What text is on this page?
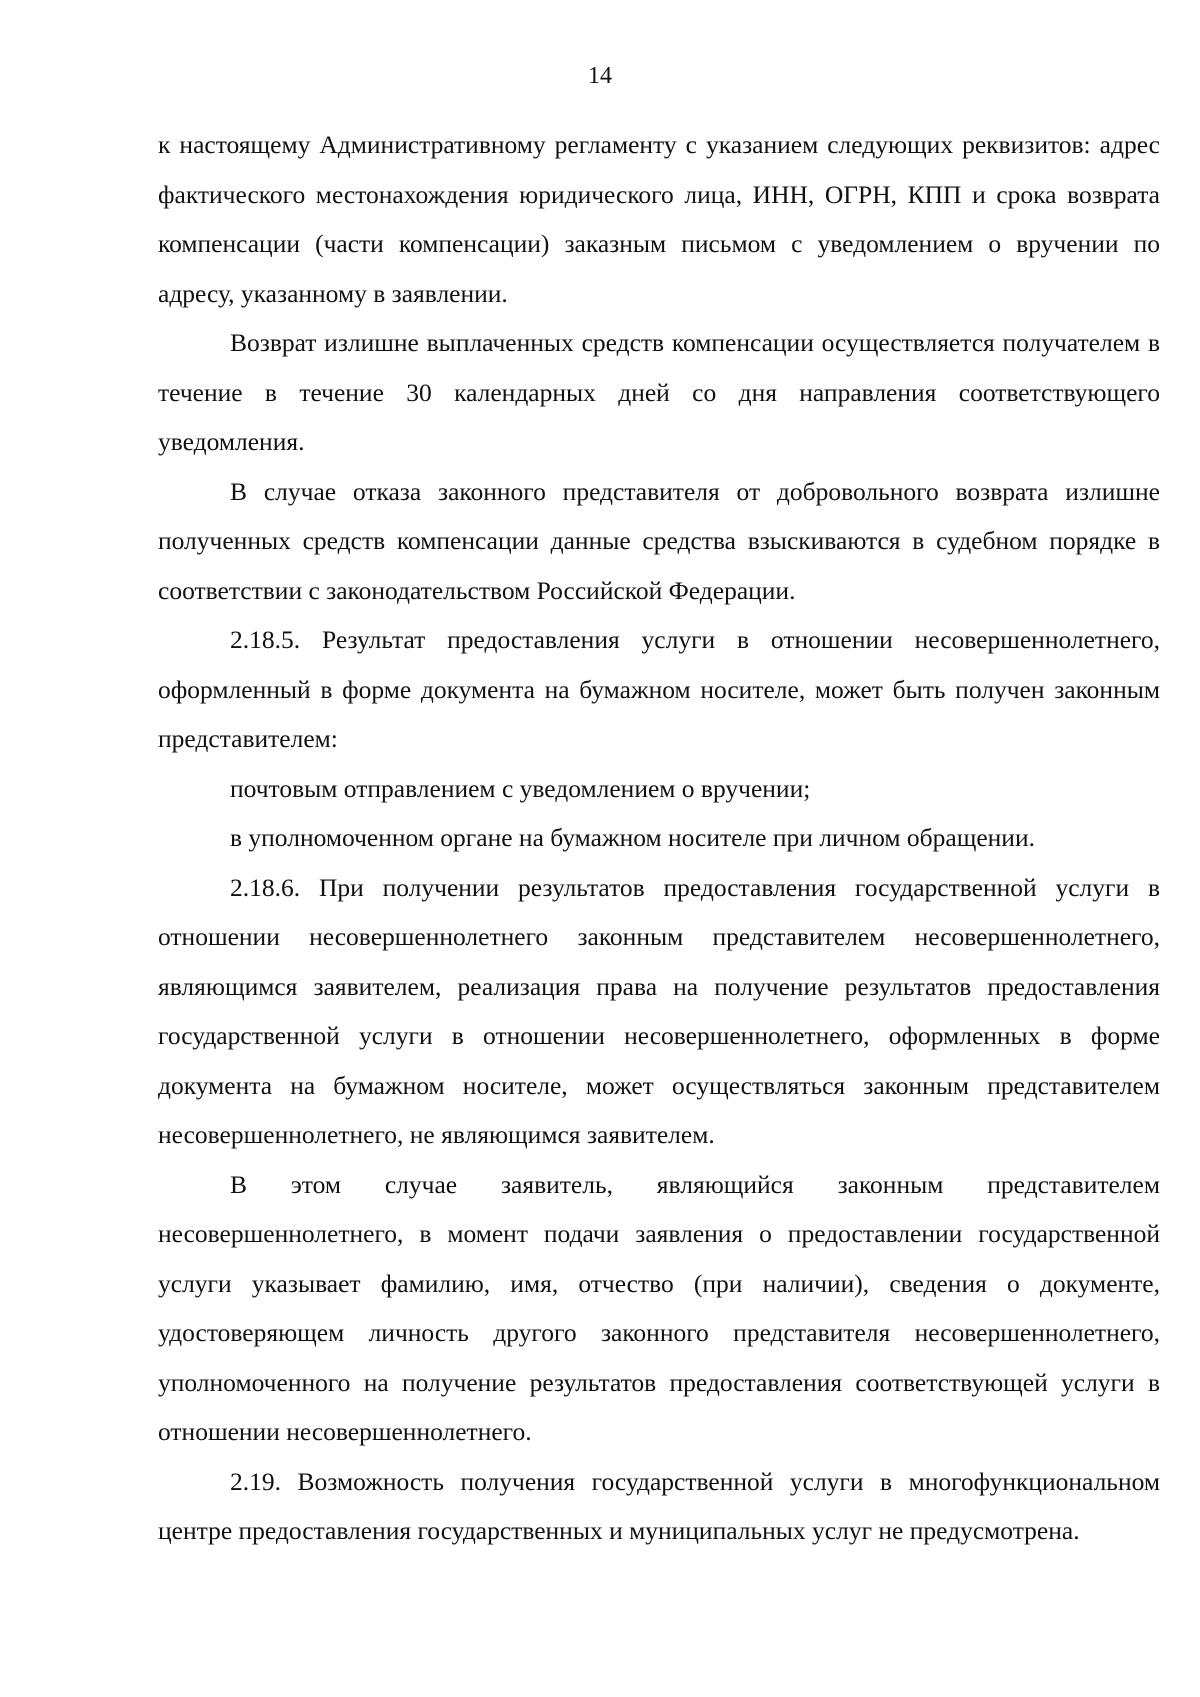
14

к настоящему Административному регламенту с указанием следующих реквизитов: адрес фактического местонахождения юридического лица, ИНН, ОГРН, КПП и срока возврата компенсации (части компенсации) заказным письмом с уведомлением о вручении по адресу, указанному в заявлении.

Возврат излишне выплаченных средств компенсации осуществляется получателем в течение в течение 30 календарных дней со дня направления соответствующего уведомления.

В случае отказа законного представителя от добровольного возврата излишне полученных средств компенсации данные средства взыскиваются в судебном порядке в соответствии с законодательством Российской Федерации.

2.18.5. Результат предоставления услуги в отношении несовершеннолетнего, оформленный в форме документа на бумажном носителе, может быть получен законным представителем:

почтовым отправлением с уведомлением о вручении;

в уполномоченном органе на бумажном носителе при личном обращении.

2.18.6. При получении результатов предоставления государственной услуги в отношении несовершеннолетнего законным представителем несовершеннолетнего, являющимся заявителем, реализация права на получение результатов предоставления государственной услуги в отношении несовершеннолетнего, оформленных в форме документа на бумажном носителе, может осуществляться законным представителем несовершеннолетнего, не являющимся заявителем.

В этом случае заявитель, являющийся законным представителем несовершеннолетнего, в момент подачи заявления о предоставлении государственной услуги указывает фамилию, имя, отчество (при наличии), сведения о документе, удостоверяющем личность другого законного представителя несовершеннолетнего, уполномоченного на получение результатов предоставления соответствующей услуги в отношении несовершеннолетнего.

2.19. Возможность получения государственной услуги в многофункциональном центре предоставления государственных и муниципальных услуг не предусмотрена.
